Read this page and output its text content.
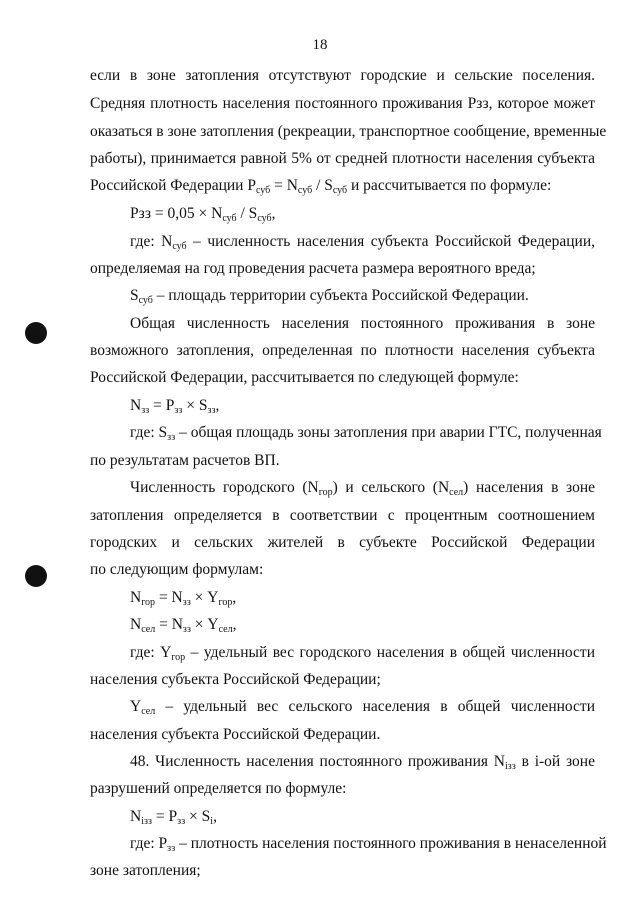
18
если в зоне затопления отсутствуют городские и сельские поселения.
Средняя плотность населения постоянного проживания Рзз, которое может
оказаться в зоне затопления (рекреации, транспортное сообщение, временные
работы), принимается равной 5% от средней плотности населения субъекта
Российской Федерации $Р_{суб} = N_{суб} / S_{суб}$ и рассчитывается по формуле:
Рзз = $0,05 \times N_{суб} / S_{суб}$,
где: $N_{суб}$ – численность населения субъекта Российской Федерации,
определяемая на год проведения расчета размера вероятного вреда;
$S_{суб}$ – площадь территории субъекта Российской Федерации.
Общая численность населения постоянного проживания в зоне
возможного затопления, определенная по плотности населения субъекта
Российской Федерации, рассчитывается по следующей формуле:
$N_{зз} = Р_{зз} \times S_{зз}$,
где: $S_{зз}$ – общая площадь зоны затопления при аварии ГТС, полученная
по результатам расчетов ВП.
Численность городского $(N_{гор})$ и сельского $(N_{сел})$ населения в зоне
затопления определяется в соответствии с процентным соотношением
городских и сельских жителей в субъекте Российской Федерации
по следующим формулам:
$N_{гор} = N_{зз} \times Y_{гор}$,
$N_{сел} = N_{зз} \times Y_{сел}$,
где: $Y_{гор}$ – удельный вес городского населения в общей численности
населения субъекта Российской Федерации;
$Y_{сел}$ – удельный вес сельского населения в общей численности
населения субъекта Российской Федерации.
48. Численность населения постоянного проживания $N_{iзз}$ в i-ой зоне
разрушений определяется по формуле:
$N_{iзз} = Р_{зз} \times S_i$,
где: $Р_{зз}$ – плотность населения постоянного проживания в ненаселенной
зоне затопления;
